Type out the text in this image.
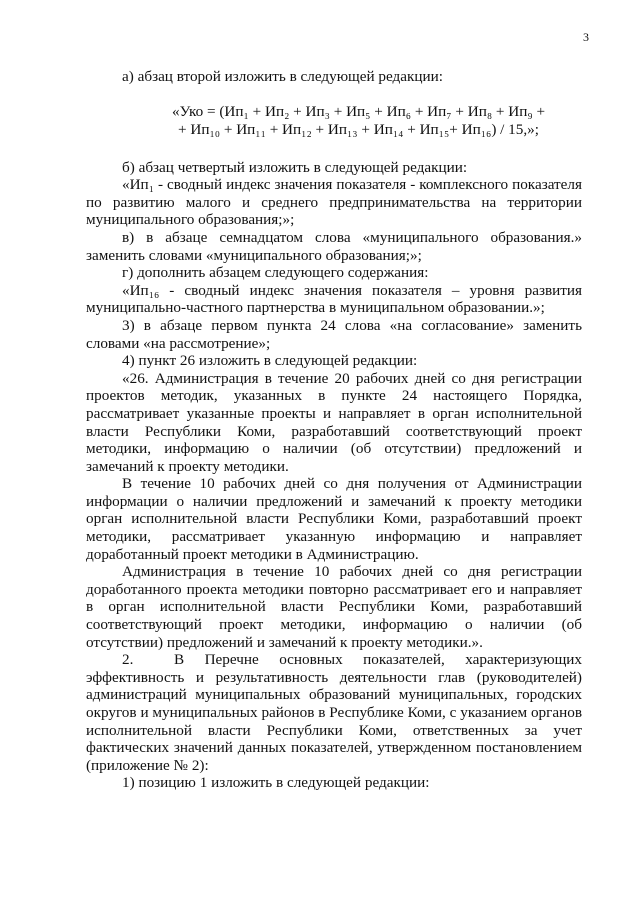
3

а) абзац второй изложить в следующей редакции:

«Уко = (Ип₁ + Ип₂ + Ип₃ + Ип₅ + Ип₆ + Ип₇ + Ип₈ + Ип₉ +
+ Ип₁₀ + Ип₁₁ + Ип₁₂ + Ип₁₃ + Ип₁₄ + Ип₁₅+ Ип₁₆) / 15,»;

б) абзац четвертый изложить в следующей редакции:

«Ип₁ - сводный индекс значения показателя - комплексного показателя по развитию малого и среднего предпринимательства на территории муниципального образования;»;

в) в абзаце семнадцатом слова «муниципального образования.» заменить словами «муниципального образования;»;

г) дополнить абзацем следующего содержания:

«Ип₁₆ - сводный индекс значения показателя – уровня развития муниципально-частного партнерства в муниципальном образовании.»;

3) в абзаце первом пункта 24 слова «на согласование» заменить словами «на рассмотрение»;

4) пункт 26 изложить в следующей редакции:

«26. Администрация в течение 20 рабочих дней со дня регистрации проектов методик, указанных в пункте 24 настоящего Порядка, рассматривает указанные проекты и направляет в орган исполнительной власти Республики Коми, разработавший соответствующий проект методики, информацию о наличии (об отсутствии) предложений и замечаний к проекту методики.

В течение 10 рабочих дней со дня получения от Администрации информации о наличии предложений и замечаний к проекту методики орган исполнительной власти Республики Коми, разработавший проект методики, рассматривает указанную информацию и направляет доработанный проект методики в Администрацию.

Администрация в течение 10 рабочих дней со дня регистрации доработанного проекта методики повторно рассматривает его и направляет в орган исполнительной власти Республики Коми, разработавший соответствующий проект методики, информацию о наличии (об отсутствии) предложений и замечаний к проекту методики.».

2.	В Перечне основных показателей, характеризующих эффективность и результативность деятельности глав (руководителей) администраций муниципальных образований муниципальных, городских округов и муниципальных районов в Республике Коми, с указанием органов исполнительной власти Республики Коми, ответственных за учет фактических значений данных показателей, утвержденном постановлением (приложение № 2):

1) позицию 1 изложить в следующей редакции:
